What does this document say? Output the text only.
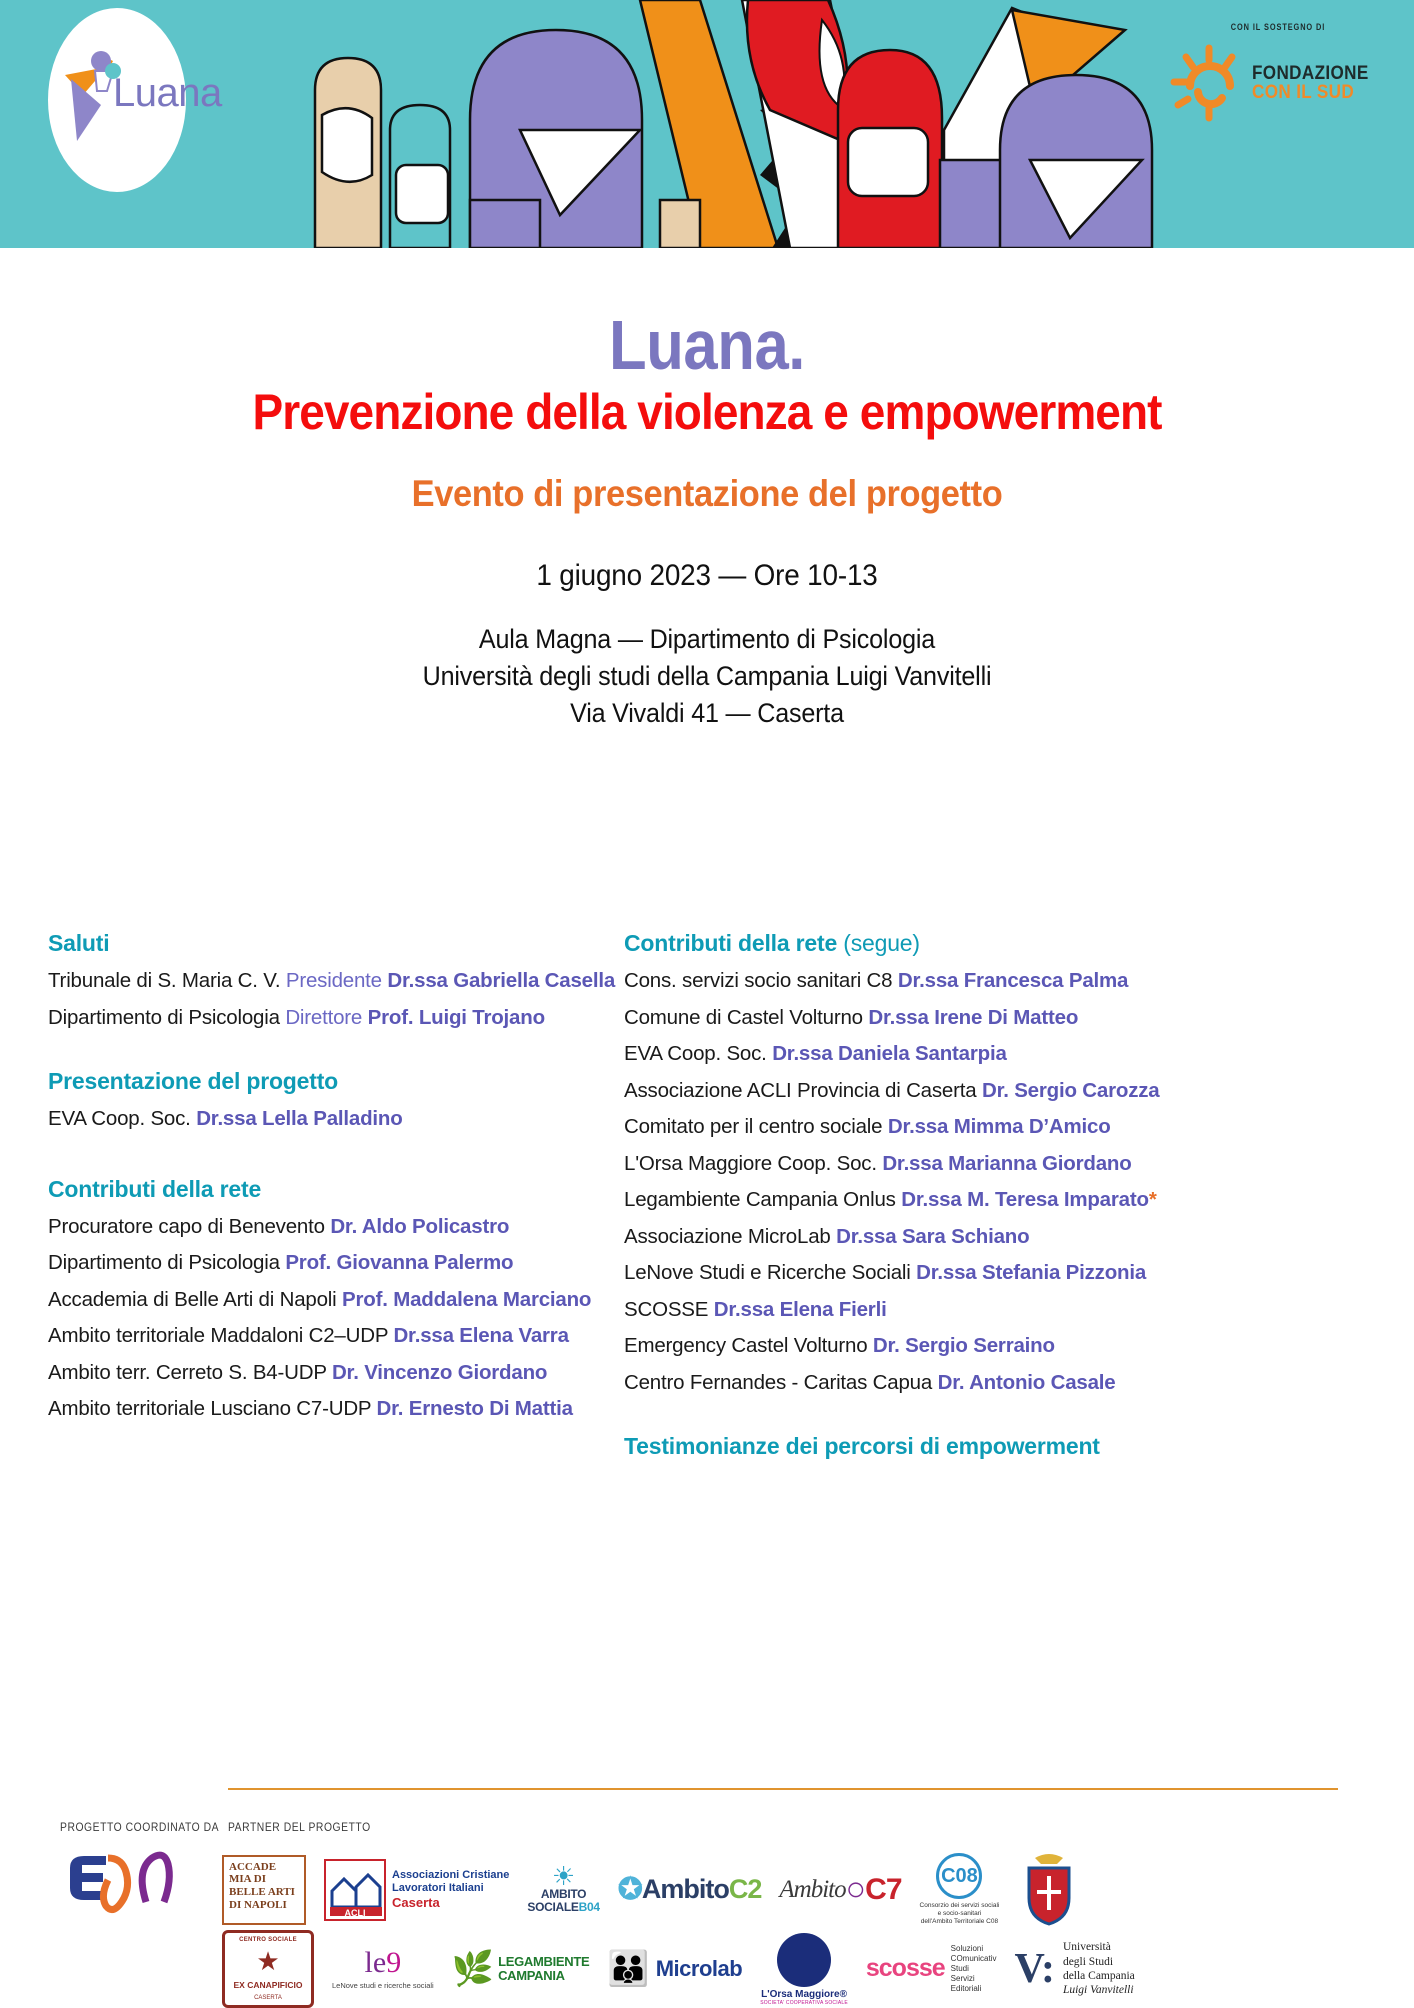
Luana
CON IL SOSTEGNO DI
FONDAZIONE
CON IL SUD
Luana.
Prevenzione della violenza e empowerment
Evento di presentazione del progetto
1 giugno 2023 — Ore 10-13
Aula Magna — Dipartimento di Psicologia
Università degli studi della Campania Luigi Vanvitelli
Via Vivaldi 41 — Caserta
Saluti
Tribunale di S. Maria C. V. Presidente Dr.ssa Gabriella Casella
Dipartimento di Psicologia Direttore Prof. Luigi Trojano
Presentazione del progetto
EVA Coop. Soc. Dr.ssa Lella Palladino
Contributi della rete
Procuratore capo di Benevento Dr. Aldo Policastro
Dipartimento di Psicologia Prof. Giovanna Palermo
Accademia di Belle Arti di Napoli Prof. Maddalena Marciano
Ambito territoriale Maddaloni C2–UDP Dr.ssa Elena Varra
Ambito terr. Cerreto S. B4-UDP Dr. Vincenzo Giordano
Ambito territoriale Lusciano C7-UDP Dr. Ernesto Di Mattia
Contributi della rete (segue)
Cons. servizi socio sanitari C8 Dr.ssa Francesca Palma
Comune di Castel Volturno Dr.ssa Irene Di Matteo
EVA Coop. Soc. Dr.ssa Daniela Santarpia
Associazione ACLI Provincia di Caserta Dr. Sergio Carozza
Comitato per il centro sociale Dr.ssa Mimma D’Amico
L'Orsa Maggiore Coop. Soc. Dr.ssa Marianna Giordano
Legambiente Campania Onlus Dr.ssa M. Teresa Imparato*
Associazione MicroLab Dr.ssa Sara Schiano
LeNove Studi e Ricerche Sociali Dr.ssa Stefania Pizzonia
SCOSSE Dr.ssa Elena Fierli
Emergency Castel Volturno Dr. Sergio Serraino
Centro Fernandes - Caritas Capua Dr. Antonio Casale
Testimonianze dei percorsi di empowerment
PROGETTO COORDINATO DA PARTNER DEL PROGETTO
ACCADE
MIA DI
BELLE ARTI
DI NAPOLI
ACLI
Associazioni Cristiane
Lavoratori Italiani
Caserta
☀
AMBITO
SOCIALEB04
✪ Ambito C2 Ambito ○ C7 C08
Consorzio dei servizi sociali
e socio-sanitari
dell'Ambito Territoriale C08
CENTRO SOCIALE
★
EX CANAPIFICIO
CASERTA
le9
LeNove studi e ricerche sociali 🌿 LEGAMBIENTE
CAMPANIA	👪 Microlab
L'Orsa Maggiore®
SOCIETA' COOPERATIVA SOCIALE
scosse
Soluzioni
COmunicativ
Studi
Servizi
Editoriali V: Università
degli Studi
della Campania
Luigi Vanvitelli
